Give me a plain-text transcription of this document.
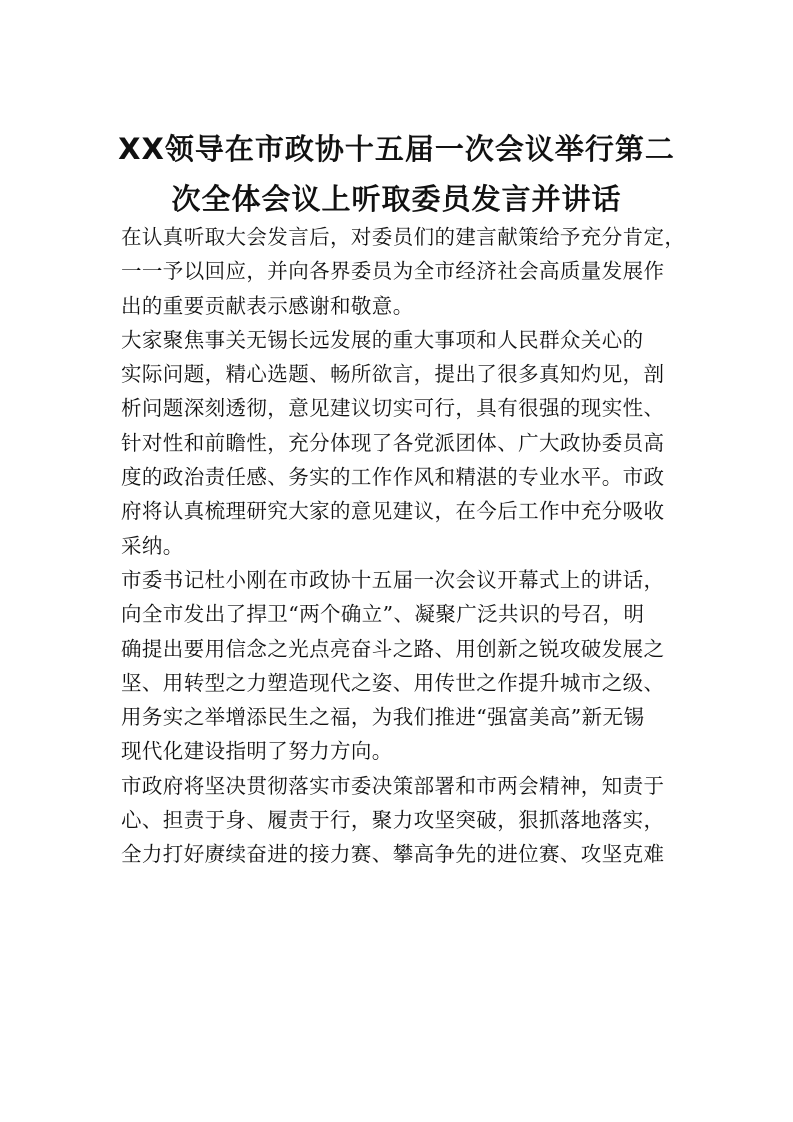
XX领导在市政协十五届一次会议举行第二
次全体会议上听取委员发言并讲话

在认真听取大会发言后，对委员们的建言献策给予充分肯定，
一一予以回应，并向各界委员为全市经济社会高质量发展作
出的重要贡献表示感谢和敬意。

大家聚焦事关无锡长远发展的重大事项和人民群众关心的
实际问题，精心选题、畅所欲言，提出了很多真知灼见，剖
析问题深刻透彻，意见建议切实可行，具有很强的现实性、
针对性和前瞻性，充分体现了各党派团体、广大政协委员高
度的政治责任感、务实的工作作风和精湛的专业水平。市政
府将认真梳理研究大家的意见建议，在今后工作中充分吸收
采纳。

市委书记杜小刚在市政协十五届一次会议开幕式上的讲话，
向全市发出了捍卫“两个确立”、凝聚广泛共识的号召，明
确提出要用信念之光点亮奋斗之路、用创新之锐攻破发展之
坚、用转型之力塑造现代之姿、用传世之作提升城市之级、
用务实之举增添民生之福，为我们推进“强富美高”新无锡
现代化建设指明了努力方向。

市政府将坚决贯彻落实市委决策部署和市两会精神，知责于
心、担责于身、履责于行，聚力攻坚突破，狠抓落地落实，
全力打好赓续奋进的接力赛、攀高争先的进位赛、攻坚克难
